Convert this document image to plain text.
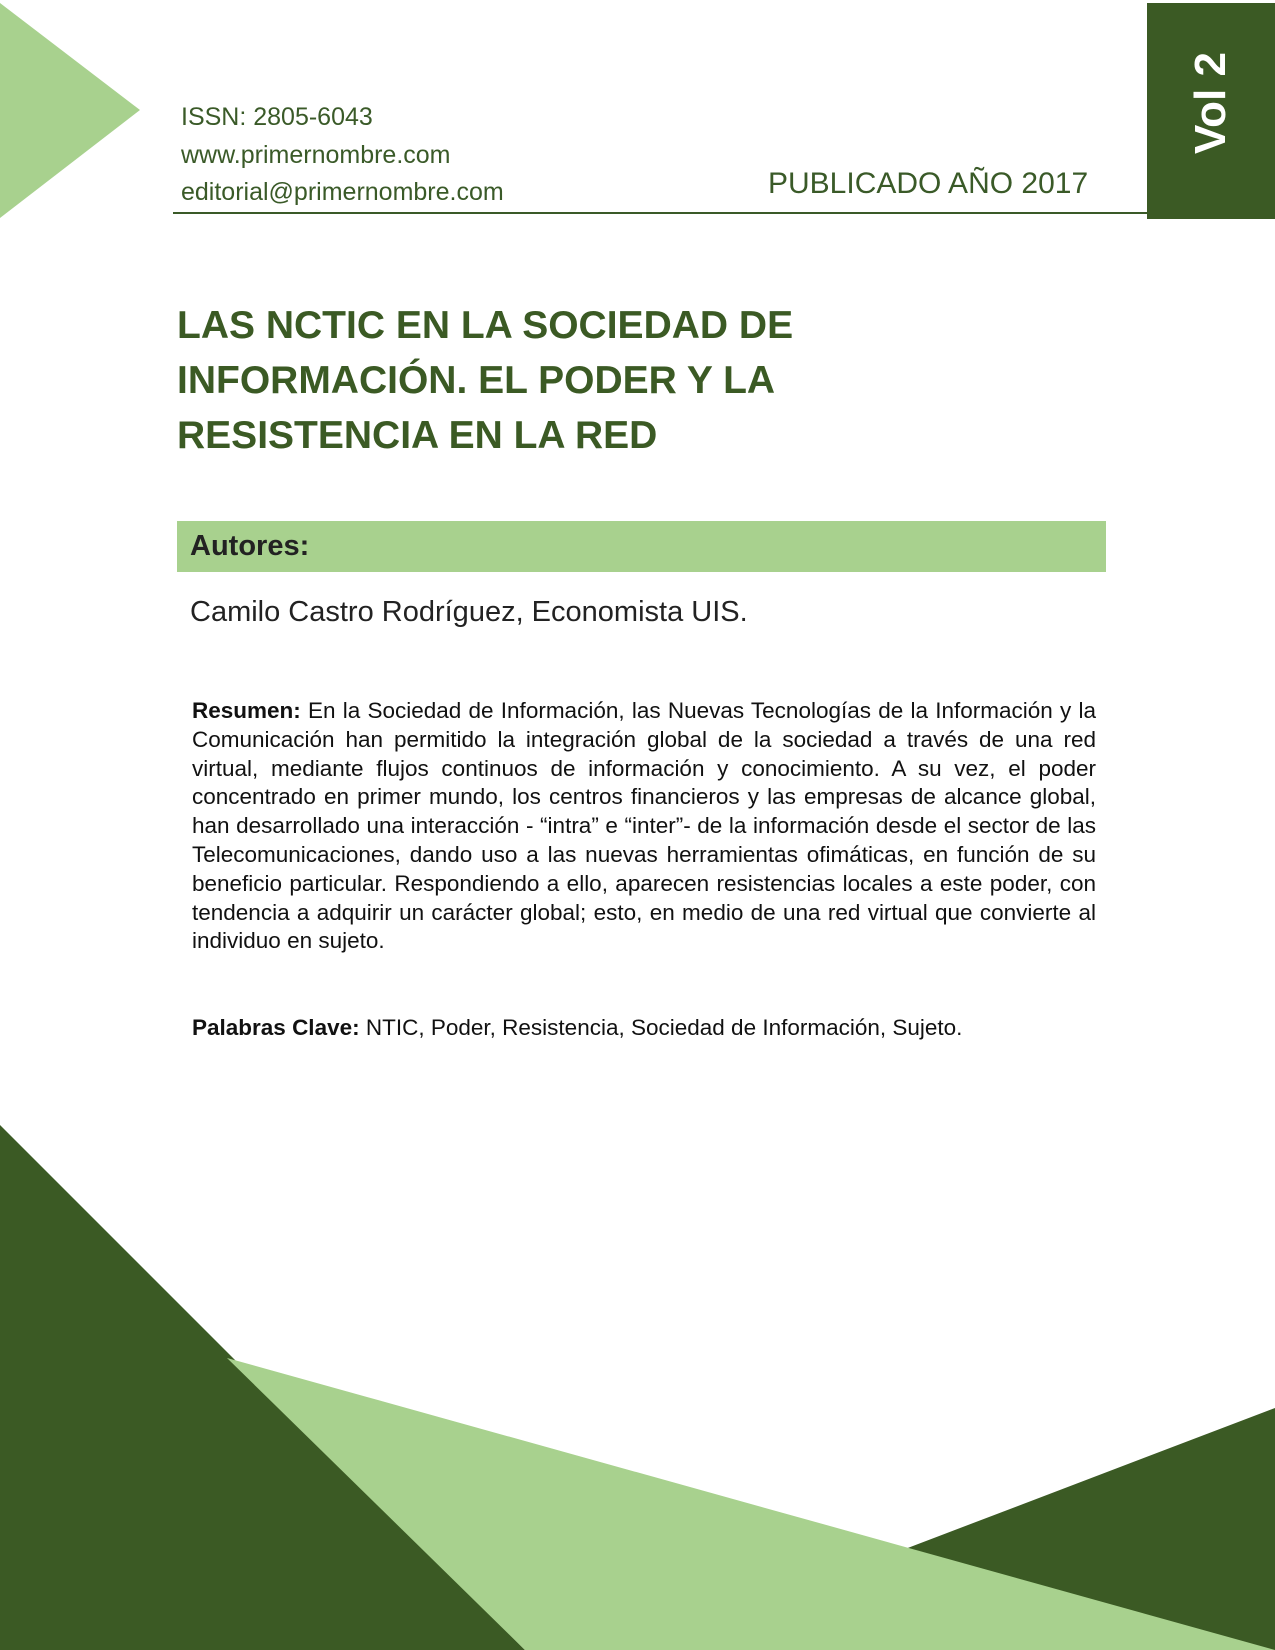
ISSN: 2805-6043
www.primernombre.com
editorial@primernombre.com	PUBLICADO AÑO 2017
Vol 2
LAS NCTIC EN LA SOCIEDAD DE INFORMACIÓN. EL PODER Y LA RESISTENCIA EN LA RED
Autores:
Camilo Castro Rodríguez, Economista UIS.

Resumen: En la Sociedad de Información, las Nuevas Tecnologías de la Información y la Comunicación han permitido la integración global de la sociedad a través de una red virtual, mediante flujos continuos de información y conocimiento. A su vez, el poder concentrado en primer mundo, los centros financieros y las empresas de alcance global, han desarrollado una interacción - “intra” e “inter”- de la información desde el sector de las Telecomunicaciones, dando uso a las nuevas herramientas ofimáticas, en función de su beneficio particular. Respondiendo a ello, aparecen resistencias locales a este poder, con tendencia a adquirir un carácter global; esto, en medio de una red virtual que convierte al individuo en sujeto.

Palabras Clave: NTIC, Poder, Resistencia, Sociedad de Información, Sujeto.
